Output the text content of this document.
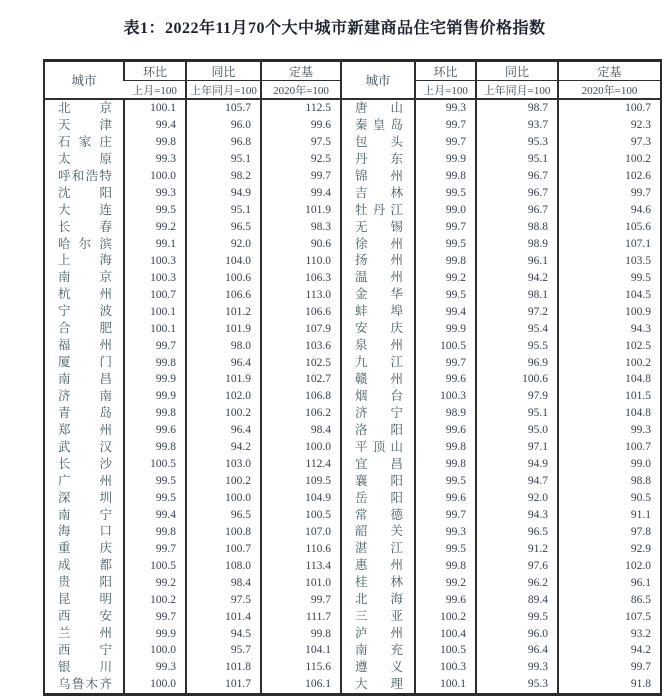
表1：2022年11月70个大中城市新建商品住宅销售价格指数
城市	环比	同比	定基	城市	环比	同比	定基
	上月=100	上年同月=100	2020年=100		上月=100	上年同月=100	2020年=100

北京	100.1	105.7	112.5	唐山	99.3	98.7	100.7

天津	99.4	96.0	99.6	秦皇岛	99.7	93.7	92.3

石家庄	99.8	96.8	97.5	包头	99.7	95.3	97.3

太原	99.3	95.1	92.5	丹东	99.9	95.1	100.2

呼和浩特	100.0	98.2	99.7	锦州	99.8	96.7	102.6

沈阳	99.3	94.9	99.4	吉林	99.5	96.7	99.7

大连	99.5	95.1	101.9	牡丹江	99.0	96.7	94.6

长春	99.2	96.5	98.3	无锡	99.7	98.8	105.6

哈尔滨	99.1	92.0	90.6	徐州	99.5	98.9	107.1

上海	100.3	104.0	110.0	扬州	99.8	96.1	103.5

南京	100.3	100.6	106.3	温州	99.2	94.2	99.5

杭州	100.7	106.6	113.0	金华	99.5	98.1	104.5

宁波	100.1	101.2	106.6	蚌埠	99.4	97.2	100.9

合肥	100.1	101.9	107.9	安庆	99.9	95.4	94.3

福州	99.7	98.0	103.6	泉州	100.5	95.5	102.5

厦门	99.8	96.4	102.5	九江	99.7	96.9	100.2

南昌	99.9	101.9	102.7	赣州	99.6	100.6	104.8

济南	99.9	102.0	106.8	烟台	100.3	97.9	101.5

青岛	99.8	100.2	106.2	济宁	98.9	95.1	104.8

郑州	99.6	96.4	98.4	洛阳	99.6	95.0	99.3

武汉	99.8	94.2	100.0	平顶山	99.8	97.1	100.7

长沙	100.5	103.0	112.4	宜昌	99.8	94.9	99.0

广州	99.5	100.2	109.5	襄阳	99.5	94.7	98.8

深圳	99.5	100.0	104.9	岳阳	99.6	92.0	90.5

南宁	99.4	96.5	100.5	常德	99.7	94.3	91.1

海口	99.8	100.8	107.0	韶关	99.3	96.5	97.8

重庆	99.7	100.7	110.6	湛江	99.5	91.2	92.9

成都	100.5	108.0	113.4	惠州	99.8	97.6	102.0

贵阳	99.2	98.4	101.0	桂林	99.2	96.2	96.1

昆明	100.2	97.5	99.7	北海	99.6	89.4	86.5

西安	99.7	101.4	111.7	三亚	100.2	99.5	107.5

兰州	99.9	94.5	99.8	泸州	100.4	96.0	93.2

西宁	100.0	95.7	104.1	南充	100.5	96.4	94.2

银川	99.3	101.8	115.6	遵义	100.3	99.3	99.7

乌鲁木齐	100.0	101.7	106.1	大理	100.1	95.3	91.8
